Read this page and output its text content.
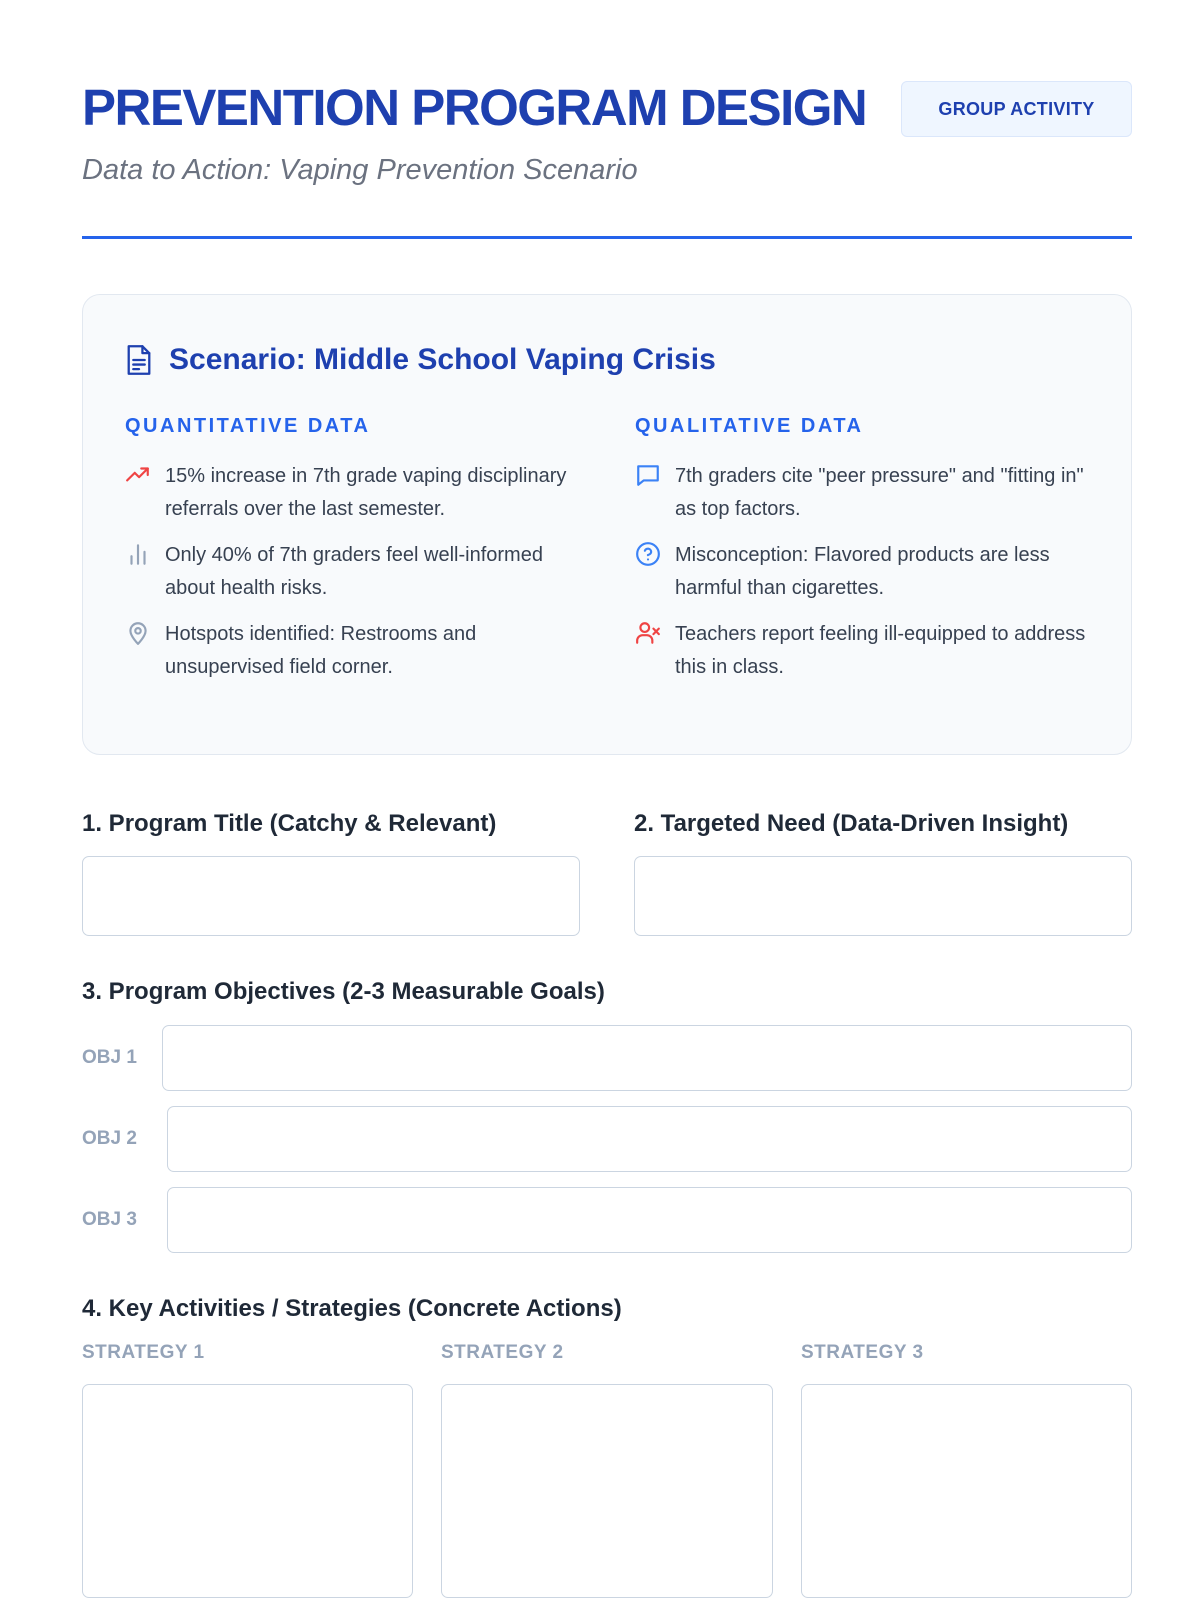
PREVENTION PROGRAM DESIGN	GROUP ACTIVITY
Data to Action: Vaping Prevention Scenario
Scenario: Middle School Vaping Crisis
QUANTITATIVE DATA
15% increase in 7th grade vaping disciplinary referrals over the last semester.
Only 40% of 7th graders feel well-informed about health risks.
Hotspots identified: Restrooms and unsupervised field corner.
QUALITATIVE DATA
7th graders cite "peer pressure" and "fitting in" as top factors.
Misconception: Flavored products are less harmful than cigarettes.
Teachers report feeling ill-equipped to address this in class.
1. Program Title (Catchy & Relevant)	2. Targeted Need (Data-Driven Insight)
3. Program Objectives (2-3 Measurable Goals)
OBJ 1
OBJ 2
OBJ 3
4. Key Activities / Strategies (Concrete Actions)
STRATEGY 1	STRATEGY 2	STRATEGY 3
